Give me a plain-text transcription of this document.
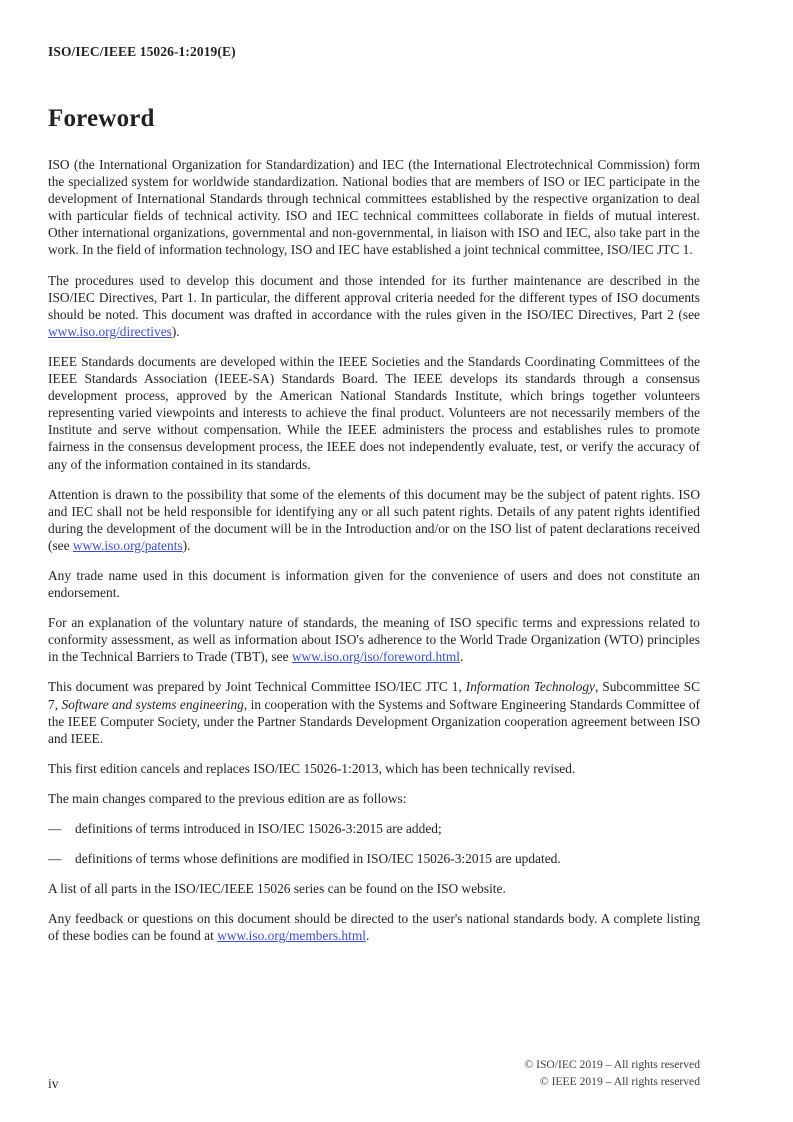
ISO/IEC/IEEE 15026-1:2019(E)
Foreword

ISO (the International Organization for Standardization) and IEC (the International Electrotechnical Commission) form the specialized system for worldwide standardization. National bodies that are members of ISO or IEC participate in the development of International Standards through technical committees established by the respective organization to deal with particular fields of technical activity. ISO and IEC technical committees collaborate in fields of mutual interest. Other international organizations, governmental and non-governmental, in liaison with ISO and IEC, also take part in the work. In the field of information technology, ISO and IEC have established a joint technical committee, ISO/IEC JTC 1.

The procedures used to develop this document and those intended for its further maintenance are described in the ISO/IEC Directives, Part 1. In particular, the different approval criteria needed for the different types of ISO documents should be noted. This document was drafted in accordance with the rules given in the ISO/IEC Directives, Part 2 (see www.iso.org/directives).

IEEE Standards documents are developed within the IEEE Societies and the Standards Coordinating Committees of the IEEE Standards Association (IEEE-SA) Standards Board. The IEEE develops its standards through a consensus development process, approved by the American National Standards Institute, which brings together volunteers representing varied viewpoints and interests to achieve the final product. Volunteers are not necessarily members of the Institute and serve without compensation. While the IEEE administers the process and establishes rules to promote fairness in the consensus development process, the IEEE does not independently evaluate, test, or verify the accuracy of any of the information contained in its standards.

Attention is drawn to the possibility that some of the elements of this document may be the subject of patent rights. ISO and IEC shall not be held responsible for identifying any or all such patent rights. Details of any patent rights identified during the development of the document will be in the Introduction and/or on the ISO list of patent declarations received (see www.iso.org/patents).

Any trade name used in this document is information given for the convenience of users and does not constitute an endorsement.

For an explanation of the voluntary nature of standards, the meaning of ISO specific terms and expressions related to conformity assessment, as well as information about ISO's adherence to the World Trade Organization (WTO) principles in the Technical Barriers to Trade (TBT), see www.iso.org/iso/foreword.html.

This document was prepared by Joint Technical Committee ISO/IEC JTC 1, Information Technology, Subcommittee SC 7, Software and systems engineering, in cooperation with the Systems and Software Engineering Standards Committee of the IEEE Computer Society, under the Partner Standards Development Organization cooperation agreement between ISO and IEEE.

This first edition cancels and replaces ISO/IEC 15026-1:2013, which has been technically revised.

The main changes compared to the previous edition are as follows:

—	definitions of terms introduced in ISO/IEC 15026-3:2015 are added;
—	definitions of terms whose definitions are modified in ISO/IEC 15026-3:2015 are updated.

A list of all parts in the ISO/IEC/IEEE 15026 series can be found on the ISO website.

Any feedback or questions on this document should be directed to the user's national standards body. A complete listing of these bodies can be found at www.iso.org/members.html.

iv
© ISO/IEC 2019 – All rights reserved
© IEEE 2019 – All rights reserved
